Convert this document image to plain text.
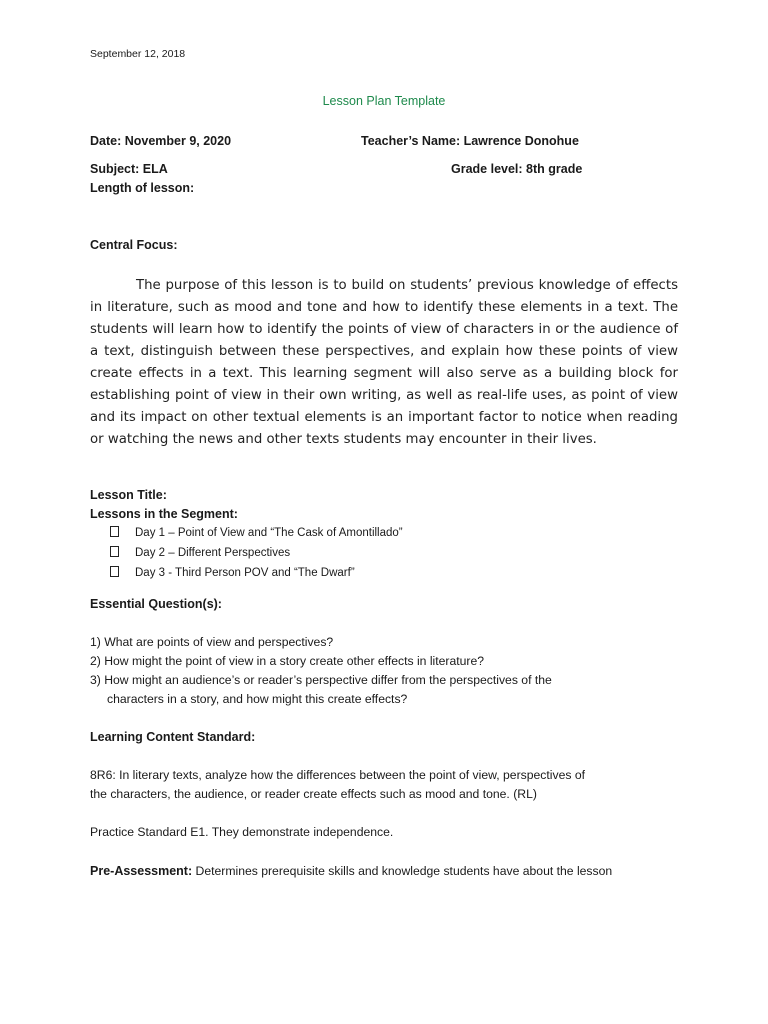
September 12, 2018
Lesson Plan Template
Date: November 9, 2020	Teacher’s Name: Lawrence Donohue
Subject: ELA	Grade level: 8th grade
Length of lesson:
Central Focus:
The purpose of this lesson is to build on students’ previous knowledge of effects in literature, such as mood and tone and how to identify these elements in a text. The students will learn how to identify the points of view of characters in or the audience of a text, distinguish between these perspectives, and explain how these points of view create effects in a text. This learning segment will also serve as a building block for establishing point of view in their own writing, as well as real-life uses, as point of view and its impact on other textual elements is an important factor to notice when reading or watching the news and other texts students may encounter in their lives.
Lesson Title:
Lessons in the Segment:
Day 1 – Point of View and “The Cask of Amontillado”
Day 2 – Different Perspectives
Day 3 - Third Person POV and “The Dwarf”
Essential Question(s):
1) What are points of view and perspectives?
2) How might the point of view in a story create other effects in literature?
3) How might an audience’s or reader’s perspective differ from the perspectives of the
characters in a story, and how might this create effects?
Learning Content Standard:
8R6: In literary texts, analyze how the differences between the point of view, perspectives of
the characters, the audience, or reader create effects such as mood and tone. (RL)
Practice Standard E1. They demonstrate independence.
Pre-Assessment: Determines prerequisite skills and knowledge students have about the lesson
